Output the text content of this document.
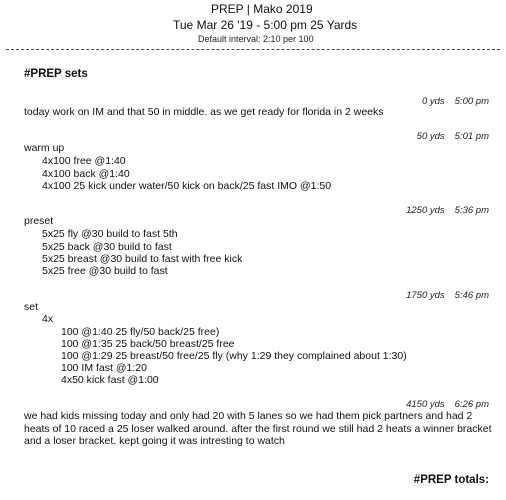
PREP | Mako 2019
Tue Mar 26 '19 - 5:00 pm 25 Yards
Default interval: 2:10 per 100
#PREP sets
0 yds 5:00 pm
today work on IM and that 50 in middle. as we get ready for florida in 2 weeks
50 yds 5:01 pm
warm up
4x100 free @1:40
4x100 back @1:40
4x100 25 kick under water/50 kick on back/25 fast IMO @1:50
1250 yds 5:36 pm
preset
5x25 fly @30 build to fast 5th
5x25 back @30 build to fast
5x25 breast @30 build to fast with free kick
5x25 free @30 build to fast
1750 yds 5:46 pm
set
4x
100 @1:40 25 fly/50 back/25 free)
100 @1:35 25 back/50 breast/25 free
100 @1:29 25 breast/50 free/25 fly (why 1:29 they complained about 1:30)
100 IM fast @1:20
4x50 kick fast @1:00
4150 yds 6:26 pm
we had kids missing today and only had 20 with 5 lanes so we had them pick partners and had 2 heats of 10 raced a 25 loser walked around. after the first round we still had 2 heats a winner bracket and a loser bracket. kept going it was intresting to watch
#PREP totals:
